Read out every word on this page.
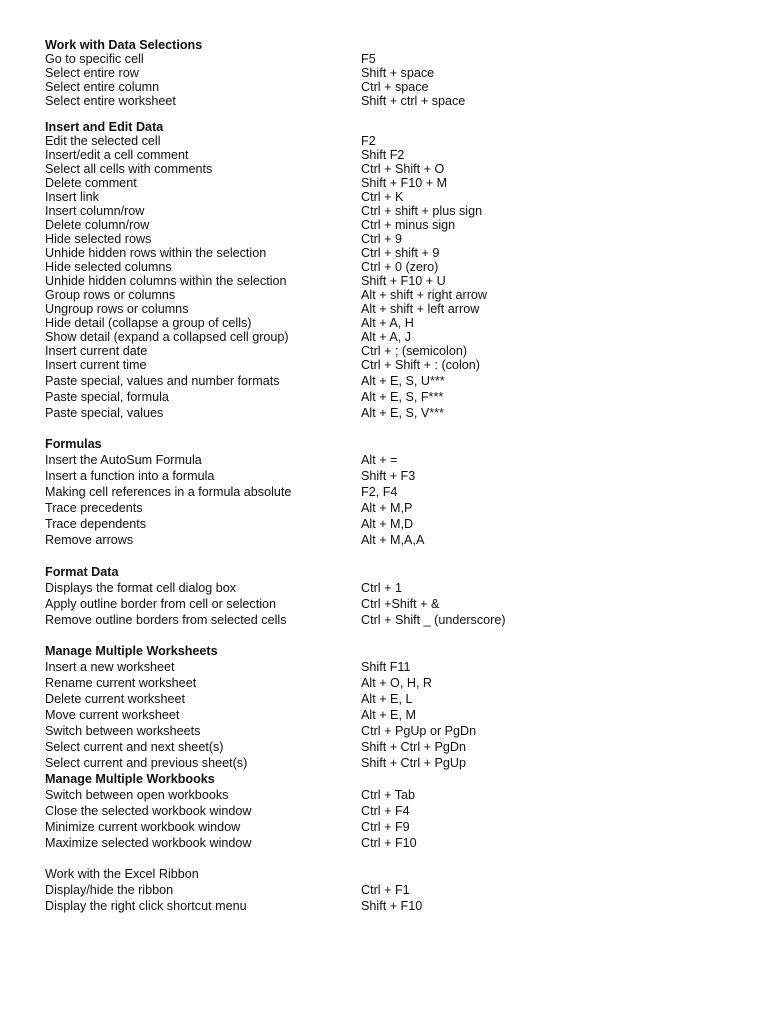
Work with Data Selections
Go to specific cell	F5
Select entire row	Shift + space
Select entire column	Ctrl + space
Select entire worksheet	Shift + ctrl + space
Insert and Edit Data
Edit the selected cell	F2
Insert/edit a cell comment	Shift F2
Select all cells with comments	Ctrl + Shift + O
Delete comment	Shift + F10 + M
Insert link	Ctrl + K
Insert column/row	Ctrl + shift + plus sign
Delete column/row	Ctrl + minus sign
Hide selected rows	Ctrl + 9
Unhide hidden rows within the selection	Ctrl + shift + 9
Hide selected columns	Ctrl + 0 (zero)
Unhide hidden columns within the selection	Shift + F10 + U
Group rows or columns	Alt + shift + right arrow
Ungroup rows or columns	Alt + shift + left arrow
Hide detail (collapse a group of cells)	Alt + A, H
Show detail (expand a collapsed cell group)	Alt + A, J
Insert current date	Ctrl + ; (semicolon)
Insert current time	Ctrl + Shift + : (colon)
Paste special, values and number formats	Alt + E, S, U***
Paste special, formula	Alt + E, S, F***
Paste special, values	Alt + E, S, V***
Formulas
Insert the AutoSum Formula	Alt + =
Insert a function into a formula	Shift + F3
Making cell references in a formula absolute	F2, F4
Trace precedents	Alt + M,P
Trace dependents	Alt + M,D
Remove arrows	Alt + M,A,A
Format Data
Displays the format cell dialog box	Ctrl + 1
Apply outline border from cell or selection	Ctrl +Shift + &
Remove outline borders from selected cells	Ctrl + Shift _ (underscore)
Manage Multiple Worksheets
Insert a new worksheet	Shift F11
Rename current worksheet	Alt + O, H, R
Delete current worksheet	Alt + E, L
Move current worksheet	Alt + E, M
Switch between worksheets	Ctrl + PgUp or PgDn
Select current and next sheet(s)	Shift + Ctrl + PgDn
Select current and previous sheet(s)	Shift + Ctrl + PgUp
Manage Multiple Workbooks
Switch between open workbooks	Ctrl + Tab
Close the selected workbook window	Ctrl + F4
Minimize current workbook window	Ctrl + F9
Maximize selected workbook window	Ctrl + F10
Work with the Excel Ribbon
Display/hide the ribbon	Ctrl + F1
Display the right click shortcut menu	Shift + F10
